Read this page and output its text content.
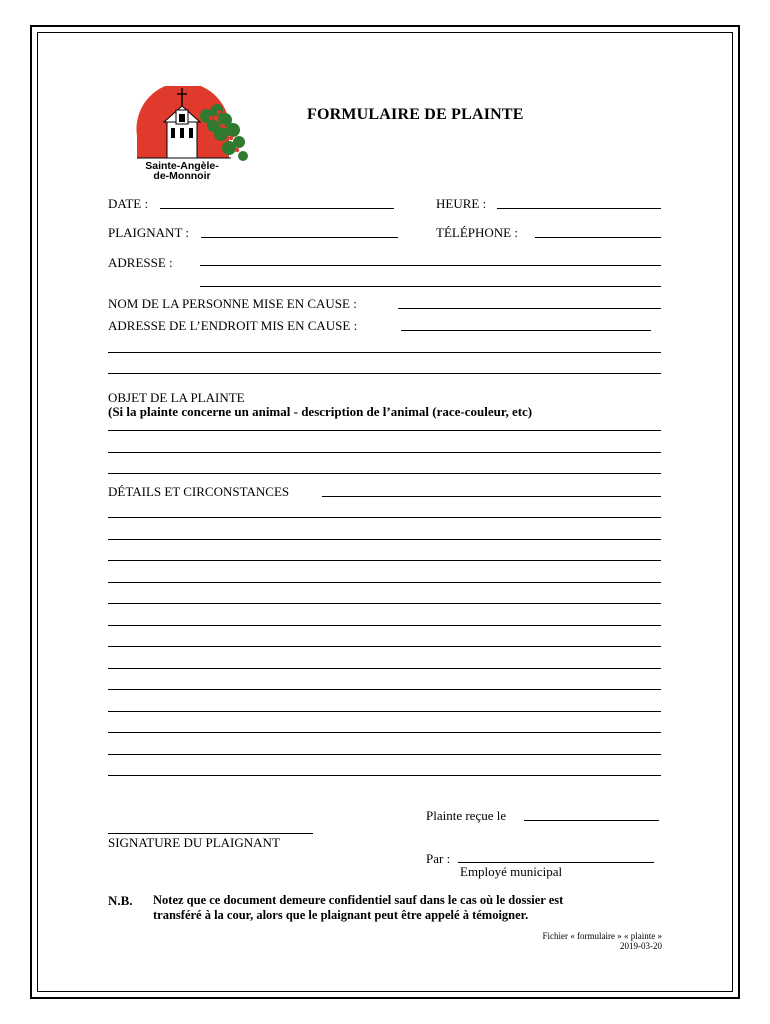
Sainte-Angèle-
de-Monnoir
FORMULAIRE DE PLAINTE
DATE :	HEURE :
PLAIGNANT :	TÉLÉPHONE :
ADRESSE :
NOM DE LA PERSONNE MISE EN CAUSE :
ADRESSE DE L’ENDROIT MIS EN CAUSE :
OBJET DE LA PLAINTE
(Si la plainte concerne un animal - description de l’animal (race-couleur, etc)
DÉTAILS ET CIRCONSTANCES
Plainte reçue le
SIGNATURE DU PLAIGNANT
Par :
Employé municipal
N.B. Notez que ce document demeure confidentiel sauf dans le cas où le dossier est
transféré à la cour, alors que le plaignant peut être appelé à témoigner.
Fichier « formulaire » « plainte »
2019-03-20
